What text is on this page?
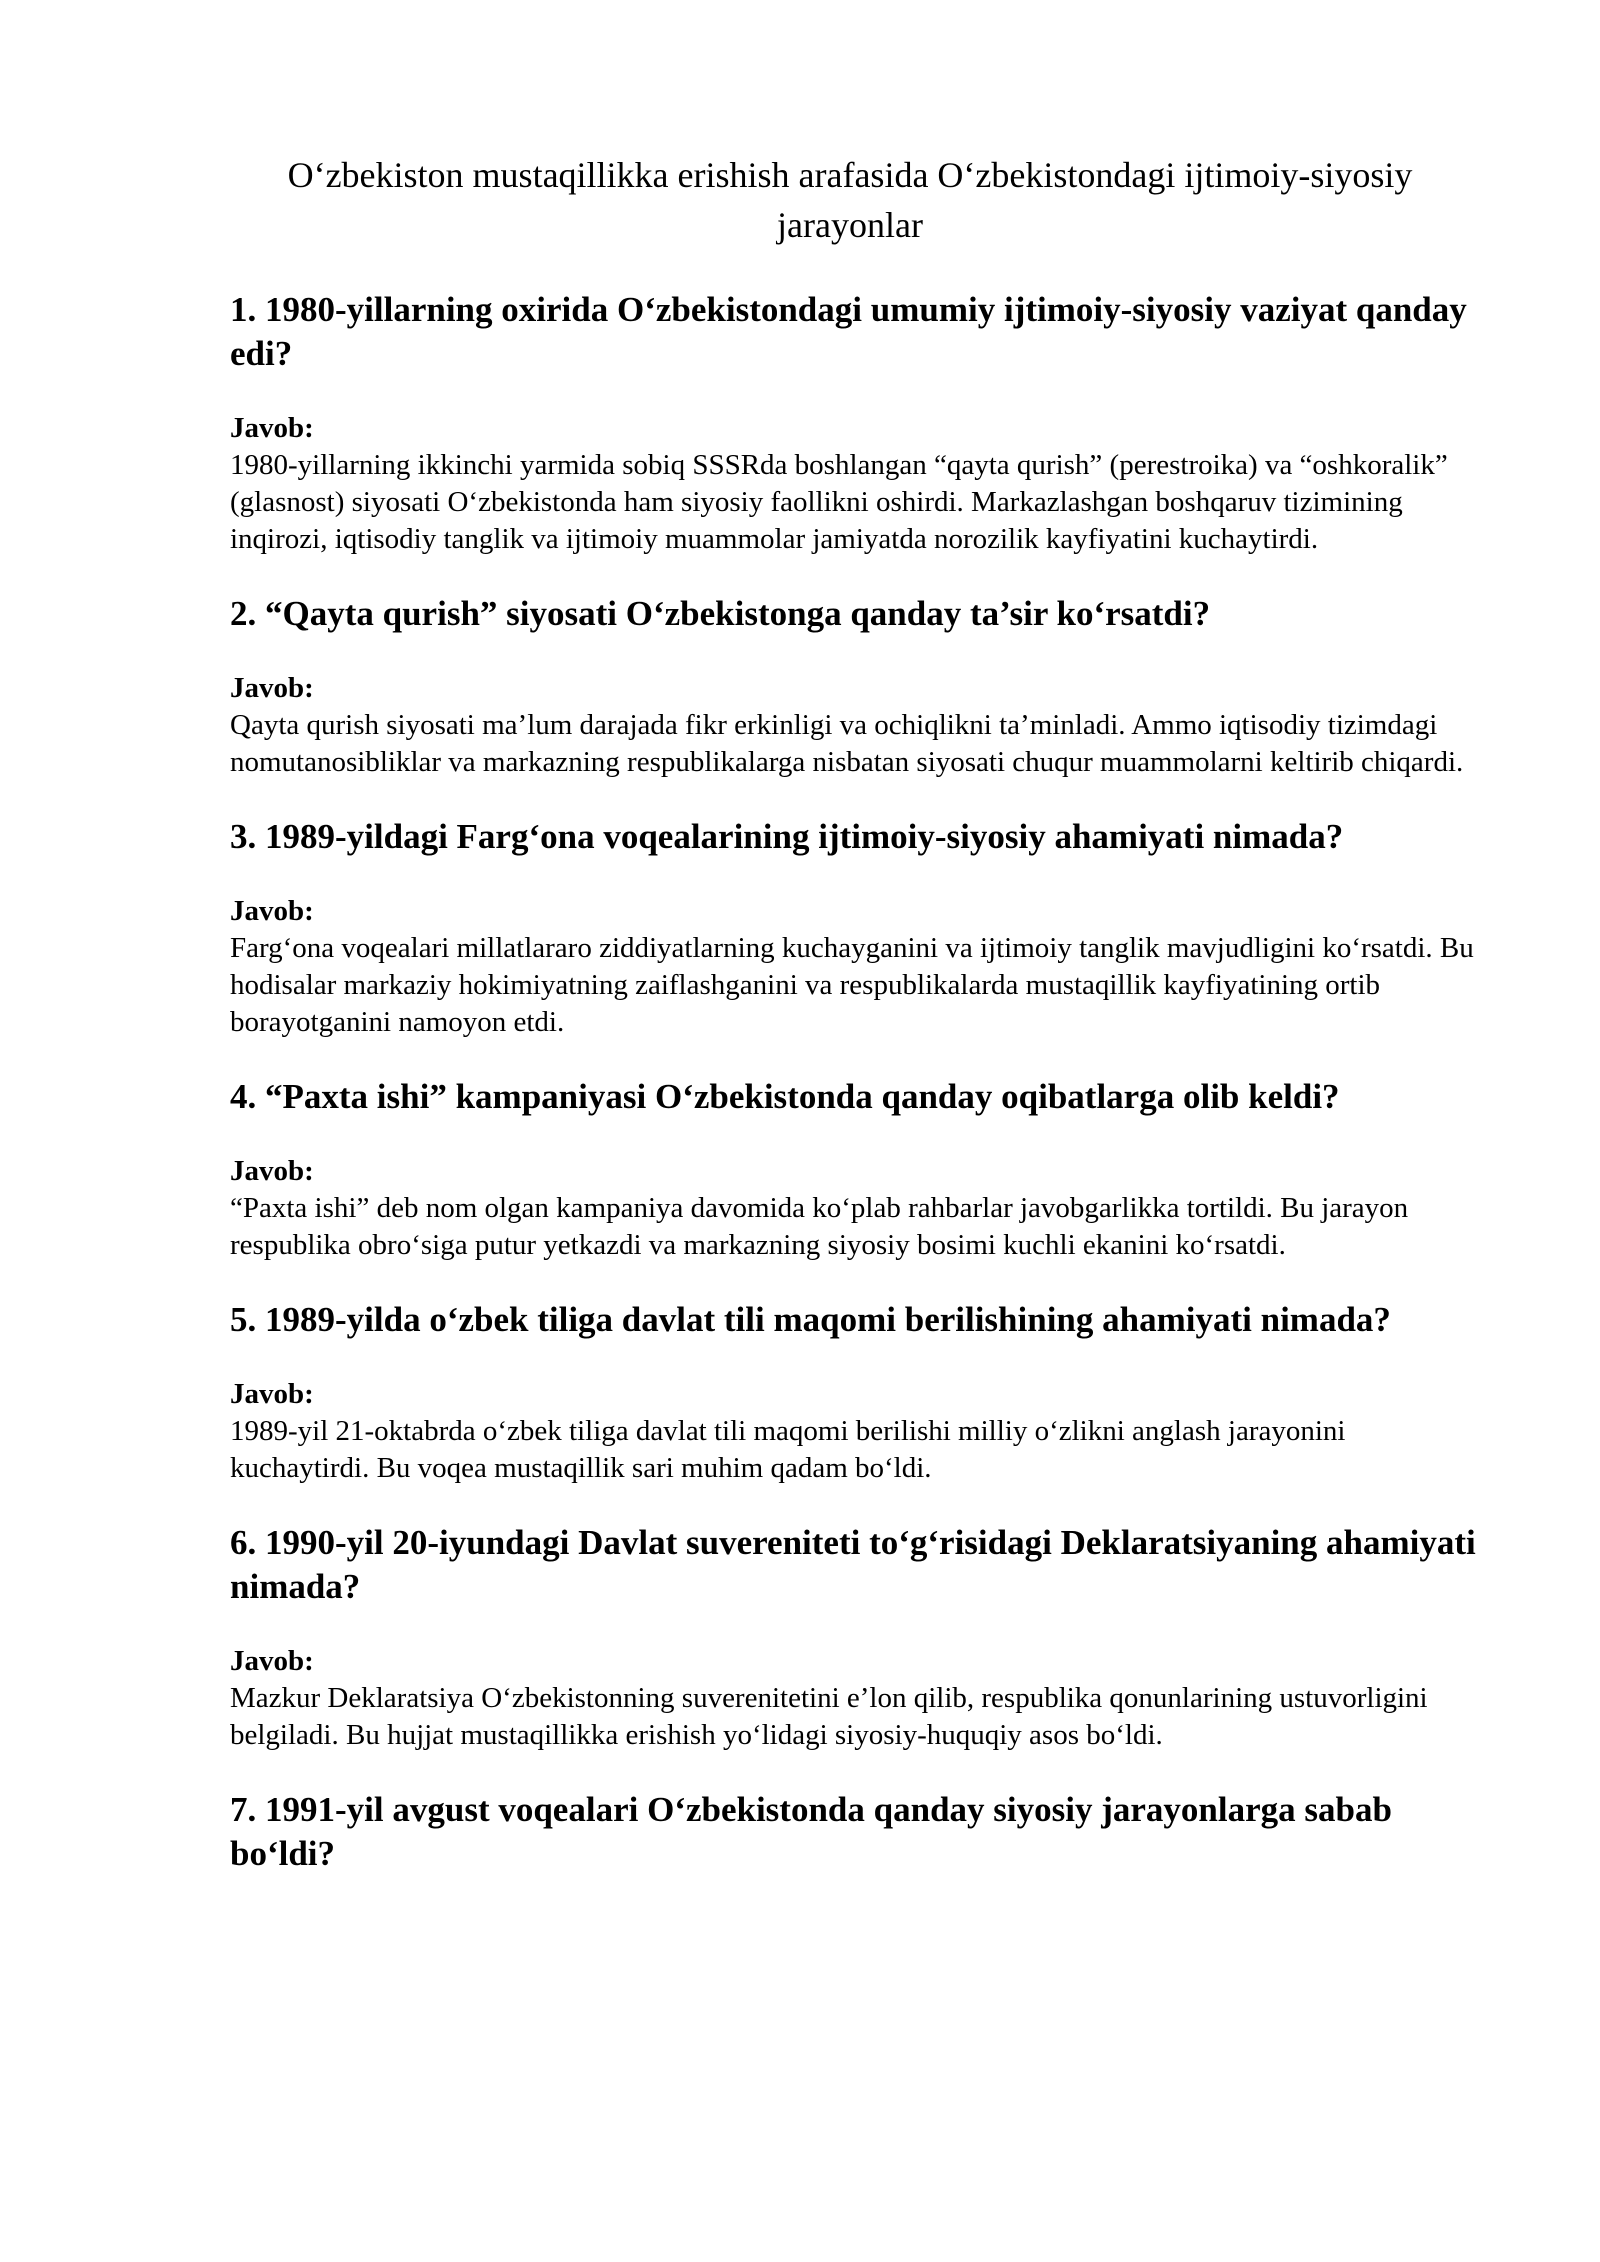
O‘zbekiston mustaqillikka erishish arafasida O‘zbekistondagi ijtimoiy-siyosiy jarayonlar

1. 1980-yillarning oxirida O‘zbekistondagi umumiy ijtimoiy-siyosiy vaziyat qanday edi?

Javob:

1980-yillarning ikkinchi yarmida sobiq SSSRda boshlangan “qayta qurish” (perestroika) va “oshkoralik” (glasnost) siyosati O‘zbekistonda ham siyosiy faollikni oshirdi. Markazlashgan boshqaruv tizimining inqirozi, iqtisodiy tanglik va ijtimoiy muammolar jamiyatda norozilik kayfiyatini kuchaytirdi.

2. “Qayta qurish” siyosati O‘zbekistonga qanday ta’sir ko‘rsatdi?

Javob:

Qayta qurish siyosati ma’lum darajada fikr erkinligi va ochiqlikni ta’minladi. Ammo iqtisodiy tizimdagi nomutanosibliklar va markazning respublikalarga nisbatan siyosati chuqur muammolarni keltirib chiqardi.

3. 1989-yildagi Farg‘ona voqealarining ijtimoiy-siyosiy ahamiyati nimada?

Javob:

Farg‘ona voqealari millatlararo ziddiyatlarning kuchayganini va ijtimoiy tanglik mavjudligini ko‘rsatdi. Bu hodisalar markaziy hokimiyatning zaiflashganini va respublikalarda mustaqillik kayfiyatining ortib borayotganini namoyon etdi.

4. “Paxta ishi” kampaniyasi O‘zbekistonda qanday oqibatlarga olib keldi?

Javob:

“Paxta ishi” deb nom olgan kampaniya davomida ko‘plab rahbarlar javobgarlikka tortildi. Bu jarayon respublika obro‘siga putur yetkazdi va markazning siyosiy bosimi kuchli ekanini ko‘rsatdi.

5. 1989-yilda o‘zbek tiliga davlat tili maqomi berilishining ahamiyati nimada?

Javob:

1989-yil 21-oktabrda o‘zbek tiliga davlat tili maqomi berilishi milliy o‘zlikni anglash jarayonini kuchaytirdi. Bu voqea mustaqillik sari muhim qadam bo‘ldi.

6. 1990-yil 20-iyundagi Davlat suvereniteti to‘g‘risidagi Deklaratsiyaning ahamiyati nimada?

Javob:

Mazkur Deklaratsiya O‘zbekistonning suverenitetini e’lon qilib, respublika qonunlarining ustuvorligini belgiladi. Bu hujjat mustaqillikka erishish yo‘lidagi siyosiy-huquqiy asos bo‘ldi.

7. 1991-yil avgust voqealari O‘zbekistonda qanday siyosiy jarayonlarga sabab bo‘ldi?
